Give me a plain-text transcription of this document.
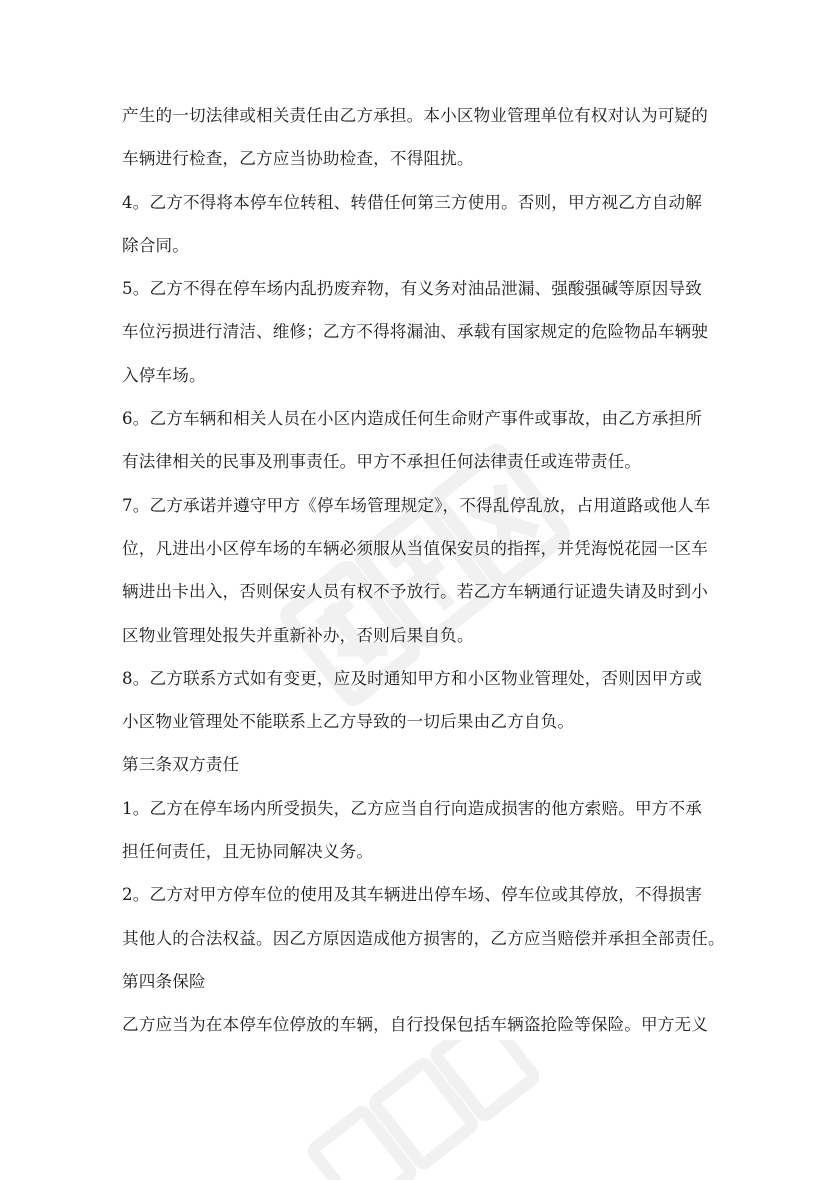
产生的一切法律或相关责任由乙方承担。本小区物业管理单位有权对认为可疑的

车辆进行检查，乙方应当协助检查，不得阻扰。

4。乙方不得将本停车位转租、转借任何第三方使用。否则，甲方视乙方自动解

除合同。

5。乙方不得在停车场内乱扔废弃物，有义务对油品泄漏、强酸强碱等原因导致

车位污损进行清洁、维修；乙方不得将漏油、承载有国家规定的危险物品车辆驶

入停车场。

6。乙方车辆和相关人员在小区内造成任何生命财产事件或事故，由乙方承担所

有法律相关的民事及刑事责任。甲方不承担任何法律责任或连带责任。

7。乙方承诺并遵守甲方《停车场管理规定》，不得乱停乱放，占用道路或他人车

位，凡进出小区停车场的车辆必须服从当值保安员的指挥，并凭海悦花园一区车

辆进出卡出入，否则保安人员有权不予放行。若乙方车辆通行证遗失请及时到小

区物业管理处报失并重新补办，否则后果自负。

8。乙方联系方式如有变更，应及时通知甲方和小区物业管理处，否则因甲方或

小区物业管理处不能联系上乙方导致的一切后果由乙方自负。

第三条双方责任

1。乙方在停车场内所受损失，乙方应当自行向造成损害的他方索赔。甲方不承

担任何责任，且无协同解决义务。

2。乙方对甲方停车位的使用及其车辆进出停车场、停车位或其停放，不得损害

其他人的合法权益。因乙方原因造成他方损害的，乙方应当赔偿并承担全部责任。

第四条保险

乙方应当为在本停车位停放的车辆，自行投保包括车辆盗抢险等保险。甲方无义
